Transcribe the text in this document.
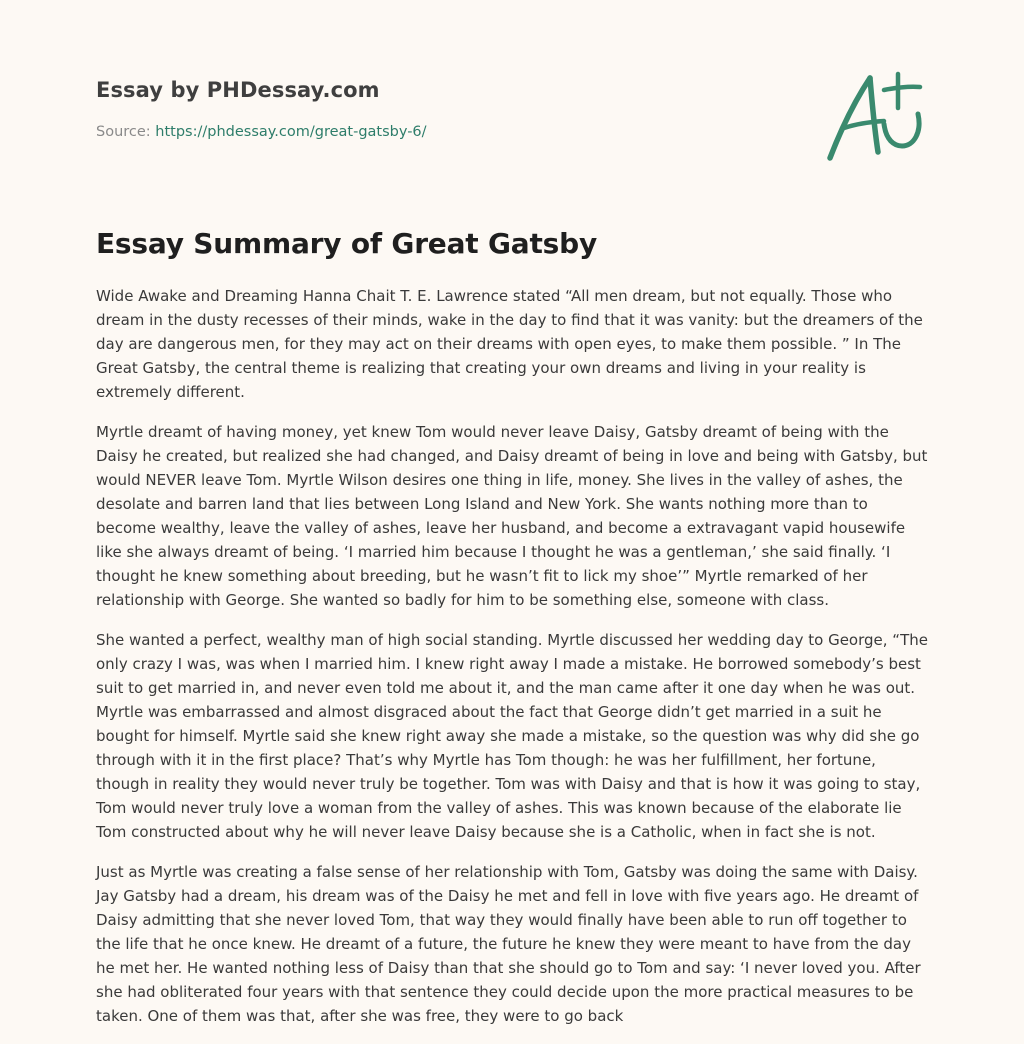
Essay by PHDessay.com
Source: https://phdessay.com/great-gatsby-6/
Essay Summary of Great Gatsby

Wide Awake and Dreaming Hanna Chait T. E. Lawrence stated “All men dream, but not equally. Those who dream in the dusty recesses of their minds, wake in the day to find that it was vanity: but the dreamers of the day are dangerous men, for they may act on their dreams with open eyes, to make them possible. ” In The Great Gatsby, the central theme is realizing that creating your own dreams and living in your reality is extremely different.

Myrtle dreamt of having money, yet knew Tom would never leave Daisy, Gatsby dreamt of being with the Daisy he created, but realized she had changed, and Daisy dreamt of being in love and being with Gatsby, but would NEVER leave Tom. Myrtle Wilson desires one thing in life, money. She lives in the valley of ashes, the desolate and barren land that lies between Long Island and New York. She wants nothing more than to become wealthy, leave the valley of ashes, leave her husband, and become a extravagant vapid housewife like she always dreamt of being. ‘I married him because I thought he was a gentleman,’ she said finally. ‘I thought he knew something about breeding, but he wasn’t fit to lick my shoe’” Myrtle remarked of her relationship with George. She wanted so badly for him to be something else, someone with class.

She wanted a perfect, wealthy man of high social standing. Myrtle discussed her wedding day to George, “The only crazy I was, was when I married him. I knew right away I made a mistake. He borrowed somebody’s best suit to get married in, and never even told me about it, and the man came after it one day when he was out. Myrtle was embarrassed and almost disgraced about the fact that George didn’t get married in a suit he bought for himself. Myrtle said she knew right away she made a mistake, so the question was why did she go through with it in the first place? That’s why Myrtle has Tom though: he was her fulfillment, her fortune, though in reality they would never truly be together. Tom was with Daisy and that is how it was going to stay, Tom would never truly love a woman from the valley of ashes. This was known because of the elaborate lie Tom constructed about why he will never leave Daisy because she is a Catholic, when in fact she is not.

Just as Myrtle was creating a false sense of her relationship with Tom, Gatsby was doing the same with Daisy. Jay Gatsby had a dream, his dream was of the Daisy he met and fell in love with five years ago. He dreamt of Daisy admitting that she never loved Tom, that way they would finally have been able to run off together to the life that he once knew. He dreamt of a future, the future he knew they were meant to have from the day he met her. He wanted nothing less of Daisy than that she should go to Tom and say: ‘I never loved you. After she had obliterated four years with that sentence they could decide upon the more practical measures to be taken. One of them was that, after she was free, they were to go back
